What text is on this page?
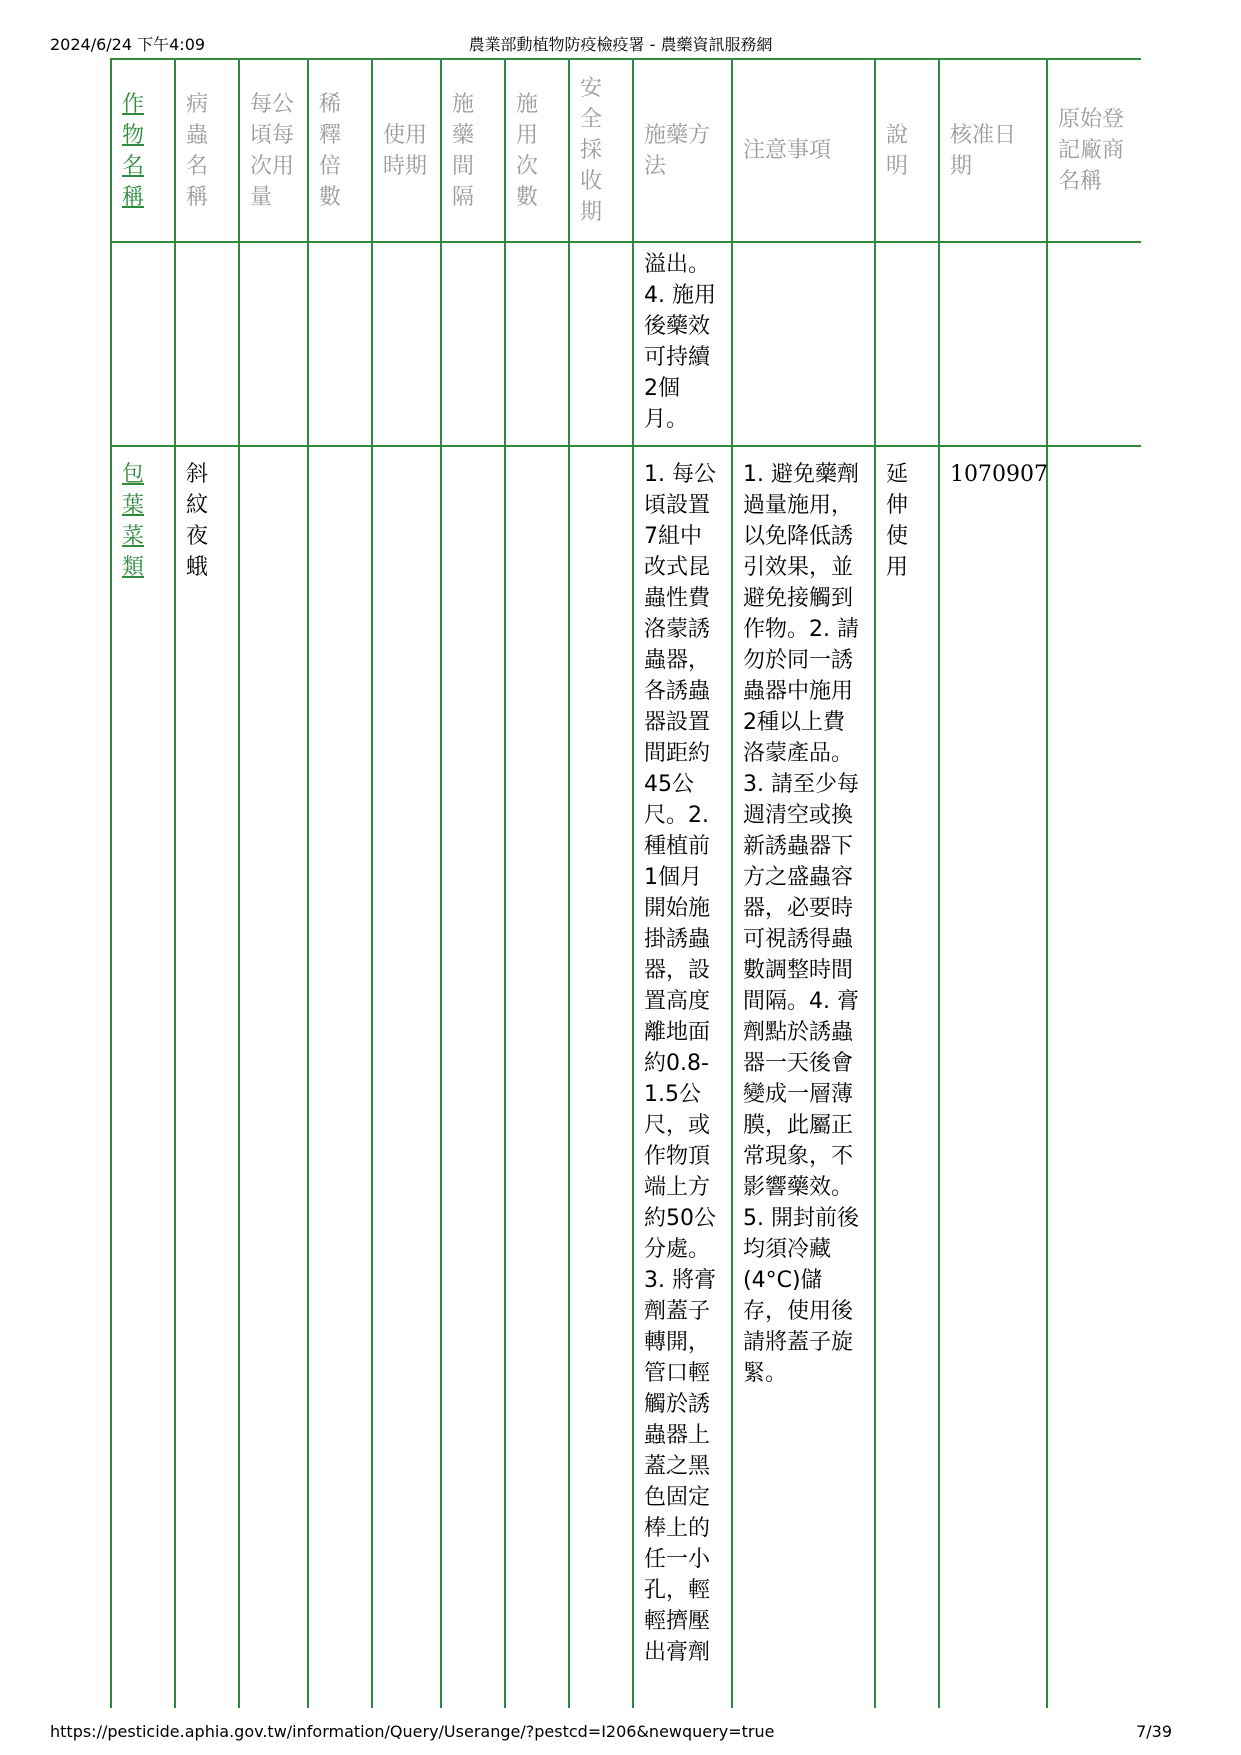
2024/6/24 下午4:09	農業部動植物防疫檢疫署 - 農藥資訊服務網
作物名稱	病蟲名稱	每公頃每次用量	稀釋倍數	使用時期	施藥間隔	施用次數	安全採收期	施藥方法	注意事項	說明	核准日期	原始登記廠商名稱
								溢出。4. 施用後藥效可持續2個月。				
包葉菜類	斜紋夜蛾							1. 每公頃設置7組中改式昆蟲性費洛蒙誘蟲器，各誘蟲器設置間距約45公尺。2. 種植前1個月開始施掛誘蟲器，設置高度離地面約0.8-1.5公尺，或作物頂端上方約50公分處。3. 將膏劑蓋子轉開，管口輕觸於誘蟲器上蓋之黑色固定棒上的任一小孔，輕輕擠壓出膏劑	1. 避免藥劑過量施用，以免降低誘引效果，並避免接觸到作物。2. 請勿於同一誘蟲器中施用2種以上費洛蒙產品。3. 請至少每週清空或換新誘蟲器下方之盛蟲容器，必要時可視誘得蟲數調整時間間隔。4. 膏劑點於誘蟲器一天後會變成一層薄膜，此屬正常現象，不影響藥效。5. 開封前後均須冷藏(4°C)儲存，使用後請將蓋子旋緊。	延伸使用	1070907	
https://pesticide.aphia.gov.tw/information/Query/Userange/?pestcd=I206&newquery=true	7/39
